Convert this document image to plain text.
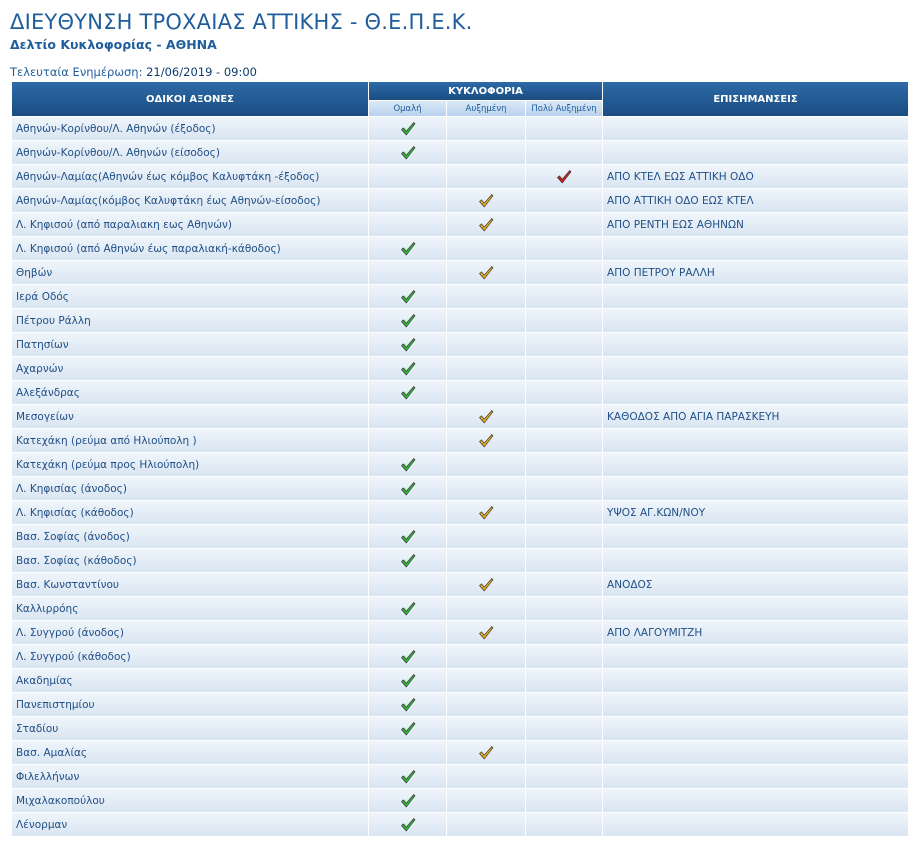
ΔΙΕΥΘΥΝΣΗ ΤΡΟΧΑΙΑΣ ΑΤΤΙΚΗΣ - Θ.Ε.Π.Ε.Κ.
Δελτίο Κυκλοφορίας - ΑΘΗΝΑ
Τελευταία Ενημέρωση: 21/06/2019 - 09:00
ΟΔΙΚΟΙ ΑΞΟΝΕΣ	ΚΥΚΛΟΦΟΡΙΑ			ΕΠΙΣΗΜΑΝΣΕΙΣ
	Ομαλή	Αυξημένη	Πολύ Αυξημένη	
Αθηνών-Κορίνθου/Λ. Αθηνών (έξοδος)				
Αθηνών-Κορίνθου/Λ. Αθηνών (είσοδος)				
Αθηνών-Λαμίας(Αθηνών έως κόμβος Καλυφτάκη -έξοδος)				ΑΠΟ ΚΤΕΛ ΕΩΣ ΑΤΤΙΚΗ ΟΔΟ
Αθηνών-Λαμίας(κόμβος Καλυφτάκη έως Αθηνών-είσοδος)				ΑΠΟ ΑΤΤΙΚΗ ΟΔΟ ΕΩΣ ΚΤΕΛ
Λ. Κηφισού (από παραλιακη εως Αθηνών)				ΑΠΟ ΡΕΝΤΗ ΕΩΣ ΑΘΗΝΩΝ
Λ. Κηφισού (από Αθηνών έως παραλιακή-κάθοδος)				
Θηβών				ΑΠΟ ΠΕΤΡΟΥ ΡΑΛΛΗ
Ιερά Οδός				
Πέτρου Ράλλη				
Πατησίων				
Αχαρνών				
Αλεξάνδρας				
Μεσογείων				ΚΑΘΟΔΟΣ ΑΠΟ ΑΓΙΑ ΠΑΡΑΣΚΕΥΗ
Κατεχάκη (ρεύμα από Ηλιούπολη )				
Κατεχάκη (ρεύμα προς Ηλιούπολη)				
Λ. Κηφισίας (άνοδος)				
Λ. Κηφισίας (κάθοδος)				ΥΨΟΣ ΑΓ.ΚΩΝ/ΝΟΥ
Βασ. Σοφίας (άνοδος)				
Βασ. Σοφίας (κάθοδος)				
Βασ. Κωνσταντίνου				ΑΝΟΔΟΣ
Καλλιρρόης				
Λ. Συγγρού (άνοδος)				ΑΠΟ ΛΑΓΟΥΜΙΤΖΗ
Λ. Συγγρού (κάθοδος)				
Ακαδημίας				
Πανεπιστημίου				
Σταδίου				
Βασ. Αμαλίας				
Φιλελλήνων				
Μιχαλακοπούλου				
Λένορμαν				
